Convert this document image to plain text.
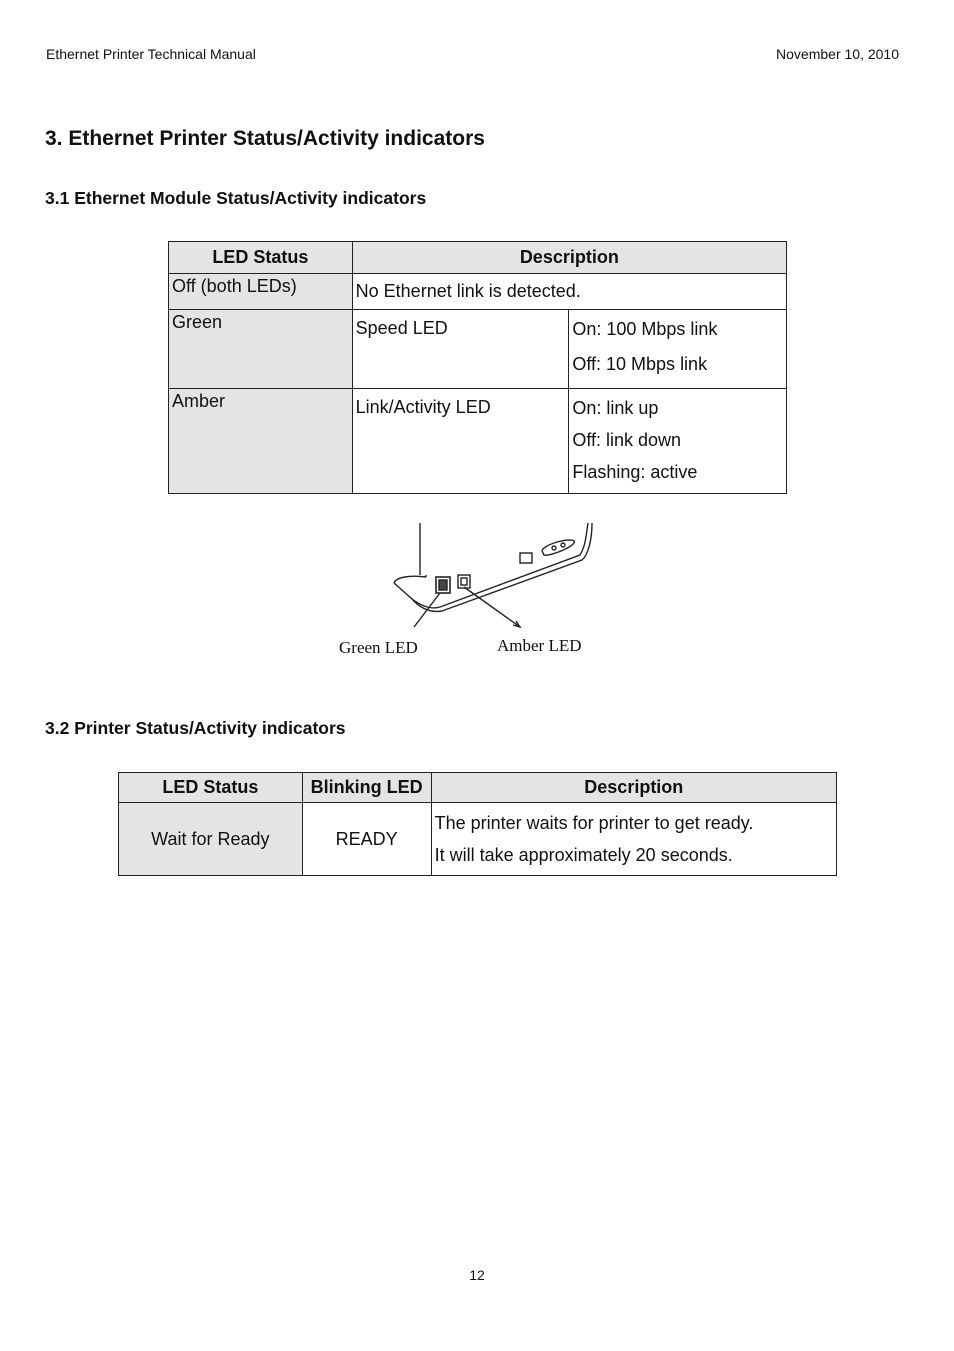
Ethernet Printer Technical Manual	November 10, 2010
3. Ethernet Printer Status/Activity indicators
3.1 Ethernet Module Status/Activity indicators
LED Status	Description	
Off (both LEDs)	No Ethernet link is detected.	
Green	Speed LED	On: 100 Mbps link
Off: 10 Mbps link

Amber	Link/Activity LED	On: link up
Off: link down
Flashing: active
Green LED	Amber LED
3.2 Printer Status/Activity indicators
LED Status	Blinking LED	Description
Wait for Ready	READY	The printer waits for printer to get ready.
It will take approximately 20 seconds.
12
